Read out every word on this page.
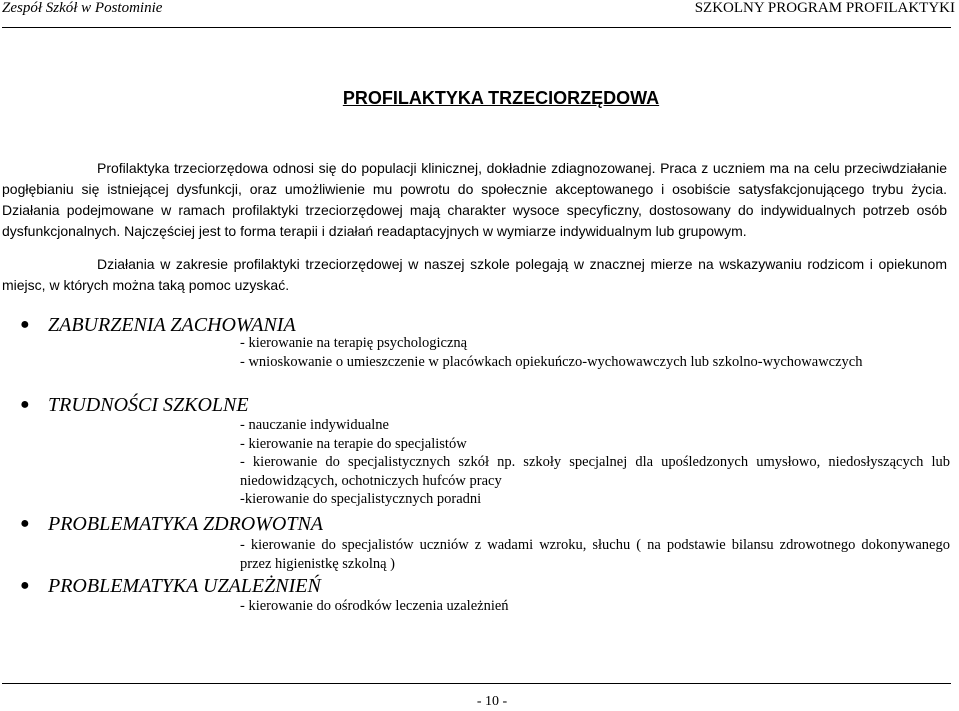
Zespół Szkół w Postominie	SZKOLNY PROGRAM PROFILAKTYKI
PROFILAKTYKA TRZECIORZĘDOWA
Profilaktyka trzeciorzędowa odnosi się do populacji klinicznej, dokładnie zdiagnozowanej. Praca z uczniem ma na celu przeciwdziałanie pogłębianiu się istniejącej dysfunkcji, oraz umożliwienie mu powrotu do społecznie akceptowanego i osobiście satysfakcjonującego trybu życia. Działania podejmowane w ramach profilaktyki trzeciorzędowej mają charakter wysoce specyficzny, dostosowany do indywidualnych potrzeb osób dysfunkcjonalnych. Najczęściej jest to forma terapii i działań readaptacyjnych w wymiarze indywidualnym lub grupowym.
Działania w zakresie profilaktyki trzeciorzędowej w naszej szkole polegają w znacznej mierze na wskazywaniu rodzicom i opiekunom miejsc, w których można taką pomoc uzyskać.
● ZABURZENIA ZACHOWANIA
- kierowanie na terapię psychologiczną
- wnioskowanie o umieszczenie w placówkach opiekuńczo-wychowawczych lub szkolno-wychowawczych
● TRUDNOŚCI SZKOLNE
- nauczanie indywidualne
- kierowanie na terapie do specjalistów
- kierowanie do specjalistycznych szkół np. szkoły specjalnej dla upośledzonych umysłowo, niedosłyszących lub niedowidzących, ochotniczych hufców pracy
-kierowanie do specjalistycznych poradni
● PROBLEMATYKA ZDROWOTNA
- kierowanie do specjalistów uczniów z wadami wzroku, słuchu ( na podstawie bilansu zdrowotnego dokonywanego przez higienistkę szkolną )
● PROBLEMATYKA UZALEŻNIEŃ
- kierowanie do ośrodków leczenia uzależnień
- 10 -
